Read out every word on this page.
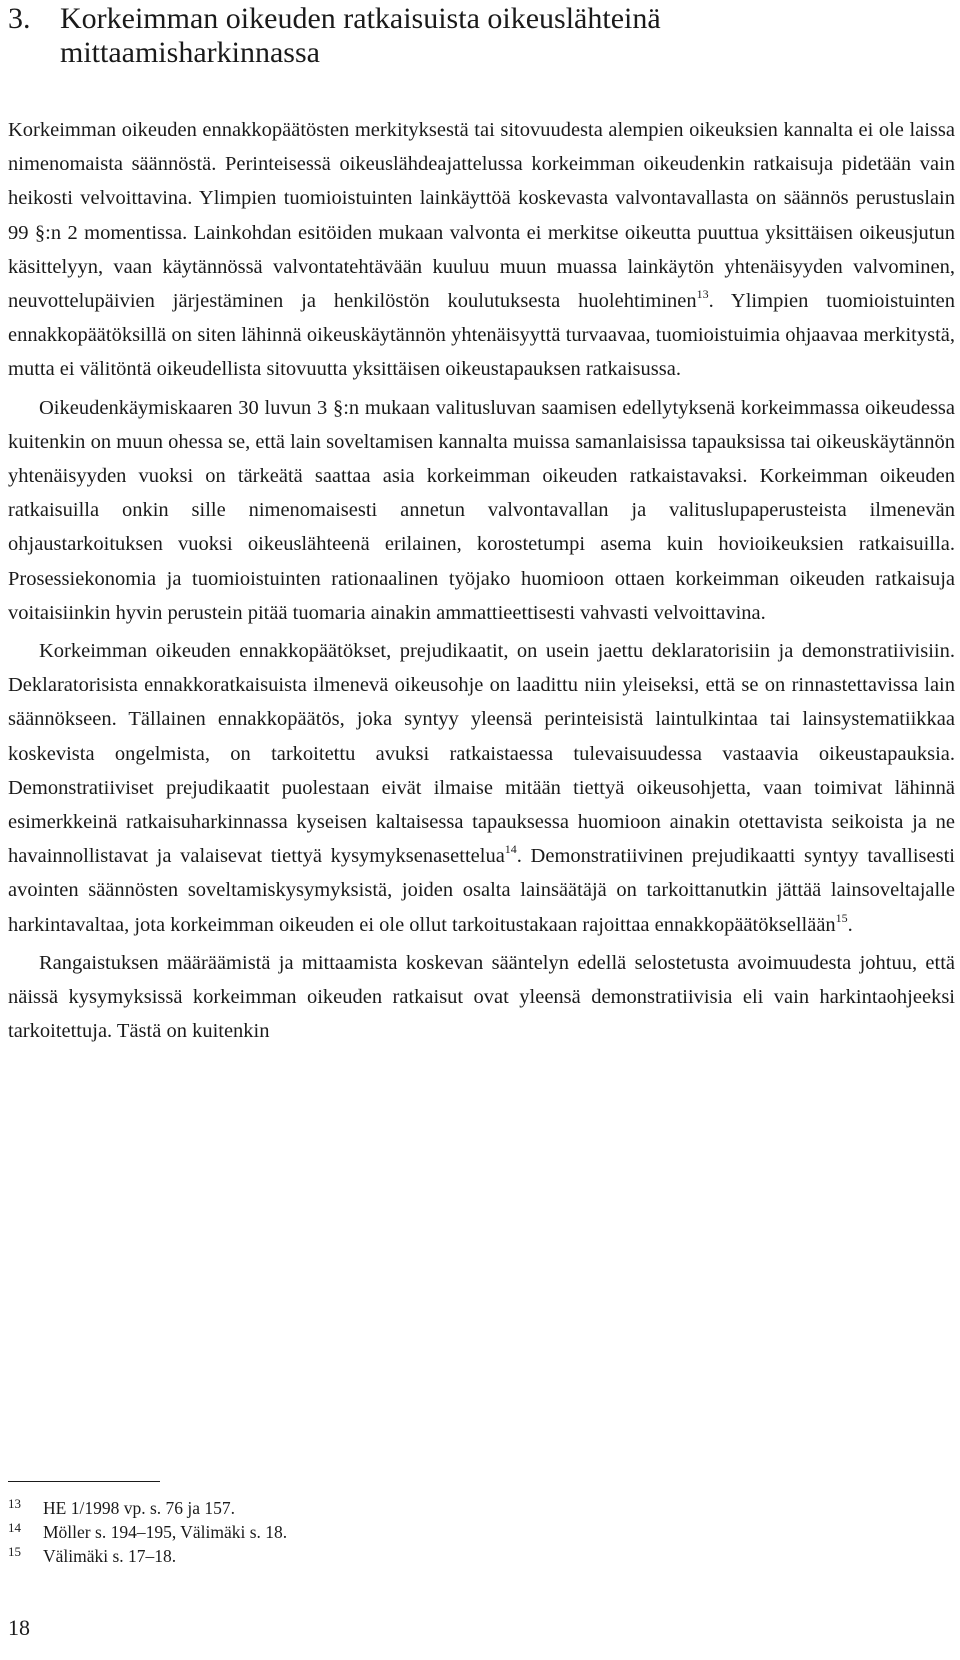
3. Korkeimman oikeuden ratkaisuista oikeuslähteinä
mittaamisharkinnassa

Korkeimman oikeuden ennakkopäätösten merkityksestä tai sitovuudesta alempien oikeuksien kannalta ei ole laissa nimenomaista säännöstä. Perinteisessä oikeuslähdeajattelussa korkeimman oikeudenkin ratkaisuja pidetään vain heikosti velvoittavina. Ylimpien tuomioistuinten lainkäyttöä koskevasta valvontavallasta on säännös perustuslain 99 §:n 2 momentissa. Lainkohdan esitöiden mukaan valvonta ei merkitse oikeutta puuttua yksittäisen oikeusjutun käsittelyyn, vaan käytännössä valvontatehtävään kuuluu muun muassa lainkäytön yhtenäisyyden valvominen, neuvottelupäivien järjestäminen ja henkilöstön koulutuksesta huolehtiminen$^{13}$. Ylimpien tuomioistuinten ennakkopäätöksillä on siten lähinnä oikeuskäytännön yhtenäisyyttä turvaavaa, tuomioistuimia ohjaavaa merkitystä, mutta ei välitöntä oikeudellista sitovuutta yksittäisen oikeustapauksen ratkaisussa.

Oikeudenkäymiskaaren 30 luvun 3 §:n mukaan valitusluvan saamisen edellytyksenä korkeimmassa oikeudessa kuitenkin on muun ohessa se, että lain soveltamisen kannalta muissa samanlaisissa tapauksissa tai oikeuskäytännön yhtenäisyyden vuoksi on tärkeätä saattaa asia korkeimman oikeuden ratkaistavaksi. Korkeimman oikeuden ratkaisuilla onkin sille nimenomaisesti annetun valvontavallan ja valituslupaperusteista ilmenevän ohjaustarkoituksen vuoksi oikeuslähteenä erilainen, korostetumpi asema kuin hovioikeuksien ratkaisuilla. Prosessiekonomia ja tuomioistuinten rationaalinen työjako huomioon ottaen korkeimman oikeuden ratkaisuja voitaisiinkin hyvin perustein pitää tuomaria ainakin ammattieettisesti vahvasti velvoittavina.

Korkeimman oikeuden ennakkopäätökset, prejudikaatit, on usein jaettu deklaratorisiin ja demonstratiivisiin. Deklaratorisista ennakkoratkaisuista ilmenevä oikeusohje on laadittu niin yleiseksi, että se on rinnastettavissa lain säännökseen. Tällainen ennakkopäätös, joka syntyy yleensä perinteisistä laintulkintaa tai lainsystematiikkaa koskevista ongelmista, on tarkoitettu avuksi ratkaistaessa tulevaisuudessa vastaavia oikeustapauksia. Demonstratiiviset prejudikaatit puolestaan eivät ilmaise mitään tiettyä oikeusohjetta, vaan toimivat lähinnä esimerkkeinä ratkaisuharkinnassa kyseisen kaltaisessa tapauksessa huomioon ainakin otettavista seikoista ja ne havainnollistavat ja valaisevat tiettyä kysymyksenasettelua$^{14}$. Demonstratiivinen prejudikaatti syntyy tavallisesti avointen säännösten soveltamiskysymyksistä, joiden osalta lainsäätäjä on tarkoittanutkin jättää lainsoveltajalle harkintavaltaa, jota korkeimman oikeuden ei ole ollut tarkoitustakaan rajoittaa ennakkopäätöksellään$^{15}$.

Rangaistuksen määräämistä ja mittaamista koskevan sääntelyn edellä selostetusta avoimuudesta johtuu, että näissä kysymyksissä korkeimman oikeuden ratkaisut ovat yleensä demonstratiivisia eli vain harkintaohjeeksi tarkoitettuja. Tästä on kuitenkin

13	HE 1/1998 vp. s. 76 ja 157.
14	Möller s. 194–195, Välimäki s. 18.
15	Välimäki s. 17–18.
18
